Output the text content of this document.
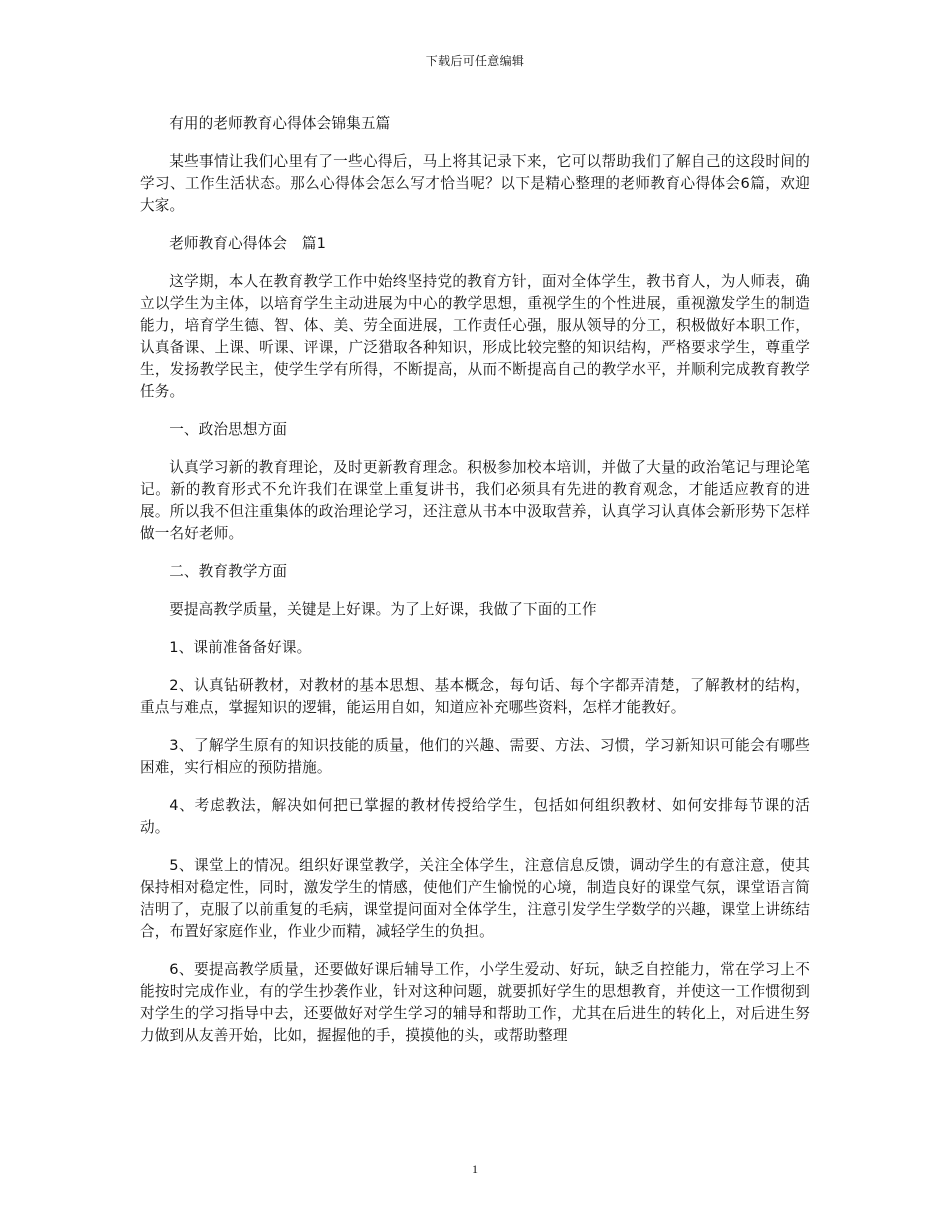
下载后可任意编辑

有用的老师教育心得体会锦集五篇

某些事情让我们心里有了一些心得后，马上将其记录下来，它可以帮助我们了解自己的这段时间的学习、工作生活状态。那么心得体会怎么写才恰当呢？以下是精心整理的老师教育心得体会6篇，欢迎大家。

老师教育心得体会　篇1

这学期，本人在教育教学工作中始终坚持党的教育方针，面对全体学生，教书育人，为人师表，确立以学生为主体，以培育学生主动进展为中心的教学思想，重视学生的个性进展，重视激发学生的制造能力，培育学生德、智、体、美、劳全面进展，工作责任心强，服从领导的分工，积极做好本职工作，认真备课、上课、听课、评课，广泛猎取各种知识，形成比较完整的知识结构，严格要求学生，尊重学生，发扬教学民主，使学生学有所得，不断提高，从而不断提高自己的教学水平，并顺利完成教育教学任务。

一、政治思想方面

认真学习新的教育理论，及时更新教育理念。积极参加校本培训，并做了大量的政治笔记与理论笔记。新的教育形式不允许我们在课堂上重复讲书，我们必须具有先进的教育观念，才能适应教育的进展。所以我不但注重集体的政治理论学习，还注意从书本中汲取营养，认真学习认真体会新形势下怎样做一名好老师。

二、教育教学方面

要提高教学质量，关键是上好课。为了上好课，我做了下面的工作

1、课前准备备好课。

2、认真钻研教材，对教材的基本思想、基本概念，每句话、每个字都弄清楚，了解教材的结构，重点与难点，掌握知识的逻辑，能运用自如，知道应补充哪些资料，怎样才能教好。

3、了解学生原有的知识技能的质量，他们的兴趣、需要、方法、习惯，学习新知识可能会有哪些困难，实行相应的预防措施。

4、考虑教法，解决如何把已掌握的教材传授给学生，包括如何组织教材、如何安排每节课的活动。

5、课堂上的情况。组织好课堂教学，关注全体学生，注意信息反馈，调动学生的有意注意，使其保持相对稳定性，同时，激发学生的情感，使他们产生愉悦的心境，制造良好的课堂气氛，课堂语言简洁明了，克服了以前重复的毛病，课堂提问面对全体学生，注意引发学生学数学的兴趣，课堂上讲练结合，布置好家庭作业，作业少而精，减轻学生的负担。

6、要提高教学质量，还要做好课后辅导工作，小学生爱动、好玩，缺乏自控能力，常在学习上不能按时完成作业，有的学生抄袭作业，针对这种问题，就要抓好学生的思想教育，并使这一工作惯彻到对学生的学习指导中去，还要做好对学生学习的辅导和帮助工作，尤其在后进生的转化上，对后进生努力做到从友善开始，比如，握握他的手，摸摸他的头，或帮助整理

1
